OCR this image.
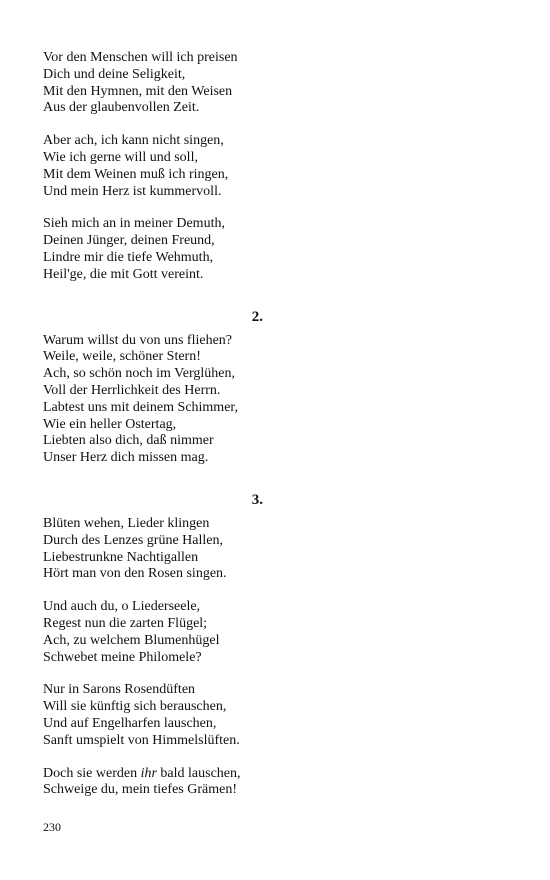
Vor den Menschen will ich preisen
Dich und deine Seligkeit,
Mit den Hymnen, mit den Weisen
Aus der glaubenvollen Zeit.
Aber ach, ich kann nicht singen,
Wie ich gerne will und soll,
Mit dem Weinen muß ich ringen,
Und mein Herz ist kummervoll.
Sieh mich an in meiner Demuth,
Deinen Jünger, deinen Freund,
Lindre mir die tiefe Wehmuth,
Heil'ge, die mit Gott vereint.
2.
Warum willst du von uns fliehen?
Weile, weile, schöner Stern!
Ach, so schön noch im Verglühen,
Voll der Herrlichkeit des Herrn.
Labtest uns mit deinem Schimmer,
Wie ein heller Ostertag,
Liebten also dich, daß nimmer
Unser Herz dich missen mag.
3.
Blüten wehen, Lieder klingen
Durch des Lenzes grüne Hallen,
Liebestrunkne Nachtigallen
Hört man von den Rosen singen.
Und auch du, o Liederseele,
Regest nun die zarten Flügel;
Ach, zu welchem Blumenhügel
Schwebet meine Philomele?
Nur in Sarons Rosendüften
Will sie künftig sich berauschen,
Und auf Engelharfen lauschen,
Sanft umspielt von Himmelslüften.
Doch sie werden ihr bald lauschen,
Schweige du, mein tiefes Grämen!
230
